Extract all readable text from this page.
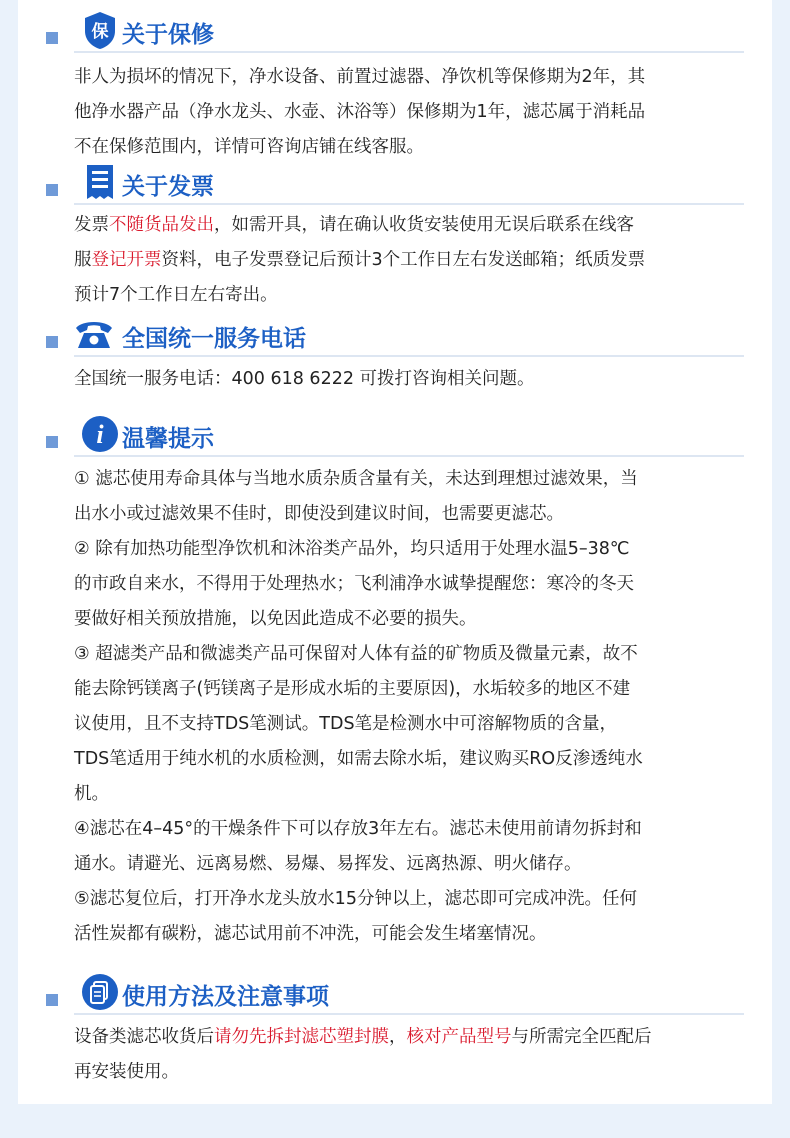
保 关于保修

非人为损坏的情况下，净水设备、前置过滤器、净饮机等保修期为2年，其

他净水器产品（净水龙头、水壶、沐浴等）保修期为1年，滤芯属于消耗品

不在保修范围内，详情可咨询店铺在线客服。

关于发票

发票不随货品发出，如需开具，请在确认收货安装使用无误后联系在线客

服登记开票资料，电子发票登记后预计3个工作日左右发送邮箱；纸质发票

预计7个工作日左右寄出。

全国统一服务电话

全国统一服务电话：400 618 6222 可拨打咨询相关问题。

i 温馨提示

① 滤芯使用寿命具体与当地水质杂质含量有关，未达到理想过滤效果，当

出水小或过滤效果不佳时，即使没到建议时间，也需要更滤芯。

② 除有加热功能型净饮机和沐浴类产品外，均只适用于处理水温5–38℃

的市政自来水，不得用于处理热水；飞利浦净水诚挚提醒您：寒冷的冬天

要做好相关预放措施，以免因此造成不必要的损失。

③ 超滤类产品和微滤类产品可保留对人体有益的矿物质及微量元素，故不

能去除钙镁离子(钙镁离子是形成水垢的主要原因)，水垢较多的地区不建

议使用，且不支持TDS笔测试。TDS笔是检测水中可溶解物质的含量，

TDS笔适用于纯水机的水质检测，如需去除水垢，建议购买RO反渗透纯水

机。

④滤芯在4–45°的干燥条件下可以存放3年左右。滤芯未使用前请勿拆封和

通水。请避光、远离易燃、易爆、易挥发、远离热源、明火储存。

⑤滤芯复位后，打开净水龙头放水15分钟以上，滤芯即可完成冲洗。任何

活性炭都有碳粉，滤芯试用前不冲洗，可能会发生堵塞情况。

使用方法及注意事项

设备类滤芯收货后请勿先拆封滤芯塑封膜，核对产品型号与所需完全匹配后

再安装使用。
